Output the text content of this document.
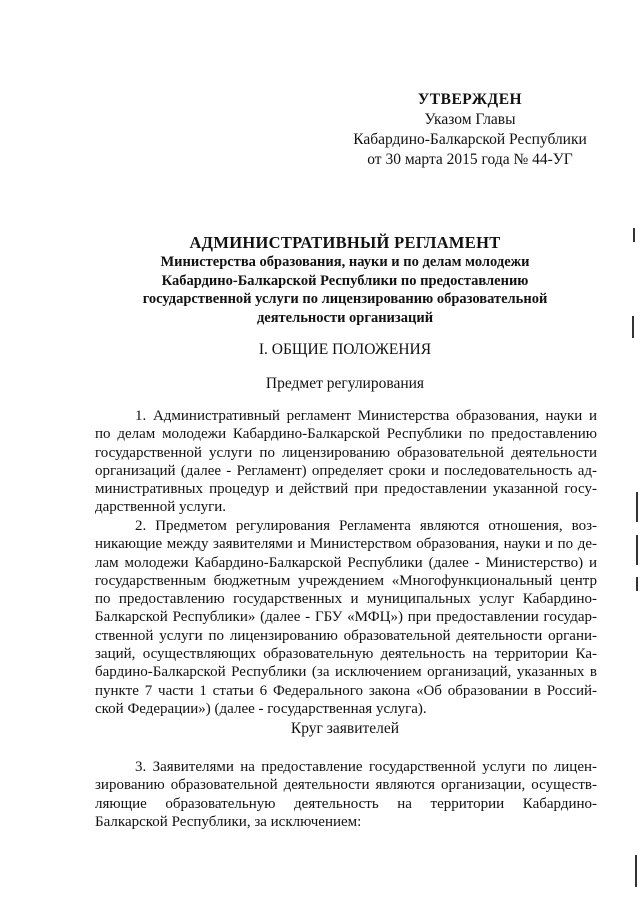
УТВЕРЖДЕН
Указом Главы
Кабардино-Балкарской Республики
от 30 марта 2015 года № 44-УГ
АДМИНИСТРАТИВНЫЙ РЕГЛАМЕНТ
Министерства образования, науки и по делам молодежи
Кабардино-Балкарской Республики по предоставлению
государственной услуги по лицензированию образовательной
деятельности организаций
I. ОБЩИЕ ПОЛОЖЕНИЯ
Предмет регулирования
1. Административный регламент Министерства образования, науки и
по делам молодежи Кабардино-Балкарской Республики по предоставлению
государственной услуги по лицензированию образовательной деятельности
организаций (далее - Регламент) определяет сроки и последовательность ад-
министративных процедур и действий при предоставлении указанной госу-
дарственной услуги.
2. Предметом регулирования Регламента являются отношения, воз-
никающие между заявителями и Министерством образования, науки и по де-
лам молодежи Кабардино-Балкарской Республики (далее - Министерство) и
государственным бюджетным учреждением «Многофункциональный центр
по предоставлению государственных и муниципальных услуг Кабардино-
Балкарской Республики» (далее - ГБУ «МФЦ») при предоставлении государ-
ственной услуги по лицензированию образовательной деятельности органи-
заций, осуществляющих образовательную деятельность на территории Ка-
бардино-Балкарской Республики (за исключением организаций, указанных в
пункте 7 части 1 статьи 6 Федерального закона «Об образовании в Россий-
ской Федерации») (далее - государственная услуга).
Круг заявителей
3. Заявителями на предоставление государственной услуги по лицен-
зированию образовательной деятельности являются организации, осуществ-
ляющие образовательную деятельность на территории Кабардино-
Балкарской Республики, за исключением:
